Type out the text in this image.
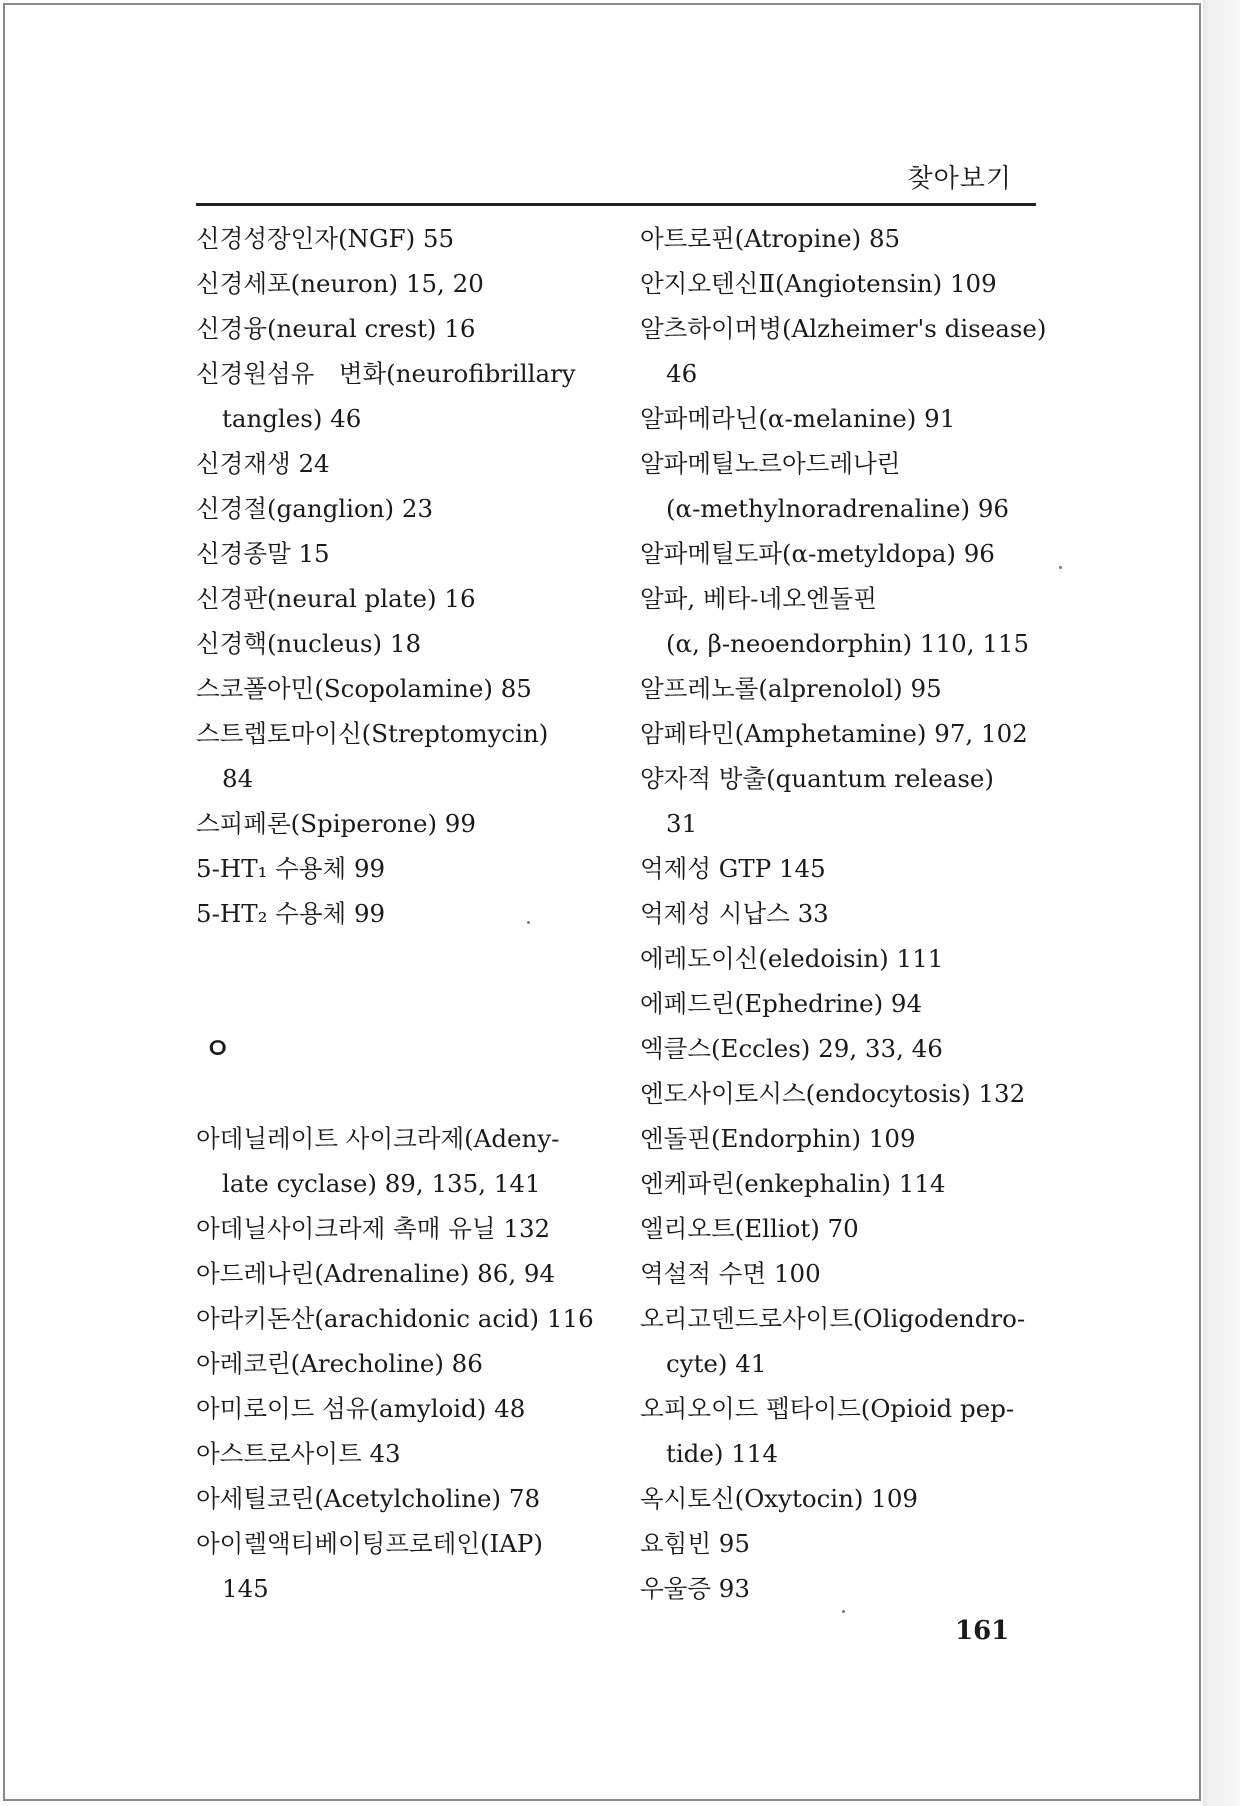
찾아보기
신경성장인자(NGF) 55
신경세포(neuron) 15, 20
신경융(neural crest) 16
신경원섬유　변화(neurofibrillary
tangles) 46
신경재생 24
신경절(ganglion) 23
신경종말 15
신경판(neural plate) 16
신경핵(nucleus) 18
스코폴아민(Scopolamine) 85
스트렙토마이신(Streptomycin)
84
스피페론(Spiperone) 99
5-HT₁ 수용체 99
5-HT₂ 수용체 99
ㅇ
아데닐레이트 사이크라제(Adeny-
late cyclase) 89, 135, 141
아데닐사이크라제 촉매 유닐 132
아드레나린(Adrenaline) 86, 94
아라키돈산(arachidonic acid) 116
아레코린(Arecholine) 86
아미로이드 섬유(amyloid) 48
아스트로사이트 43
아세틸코린(Acetylcholine) 78
아이렐액티베이팅프로테인(IAP)
145
아트로핀(Atropine) 85
안지오텐신Ⅱ(Angiotensin) 109
알츠하이머병(Alzheimer's disease)
46
알파메라닌(α-melanine) 91
알파메틸노르아드레나린
(α-methylnoradrenaline) 96
알파메틸도파(α-metyldopa) 96
알파, 베타-네오엔돌핀
(α, β-neoendorphin) 110, 115
알프레노롤(alprenolol) 95
암페타민(Amphetamine) 97, 102
양자적 방출(quantum release)
31
억제성 GTP 145
억제성 시납스 33
에레도이신(eledoisin) 111
에페드린(Ephedrine) 94
엑클스(Eccles) 29, 33, 46
엔도사이토시스(endocytosis) 132
엔돌핀(Endorphin) 109
엔케파린(enkephalin) 114
엘리오트(Elliot) 70
역설적 수면 100
오리고덴드로사이트(Oligodendro-
cyte) 41
오피오이드 펩타이드(Opioid pep-
tide) 114
옥시토신(Oxytocin) 109
요힘빈 95
우울증 93
161
